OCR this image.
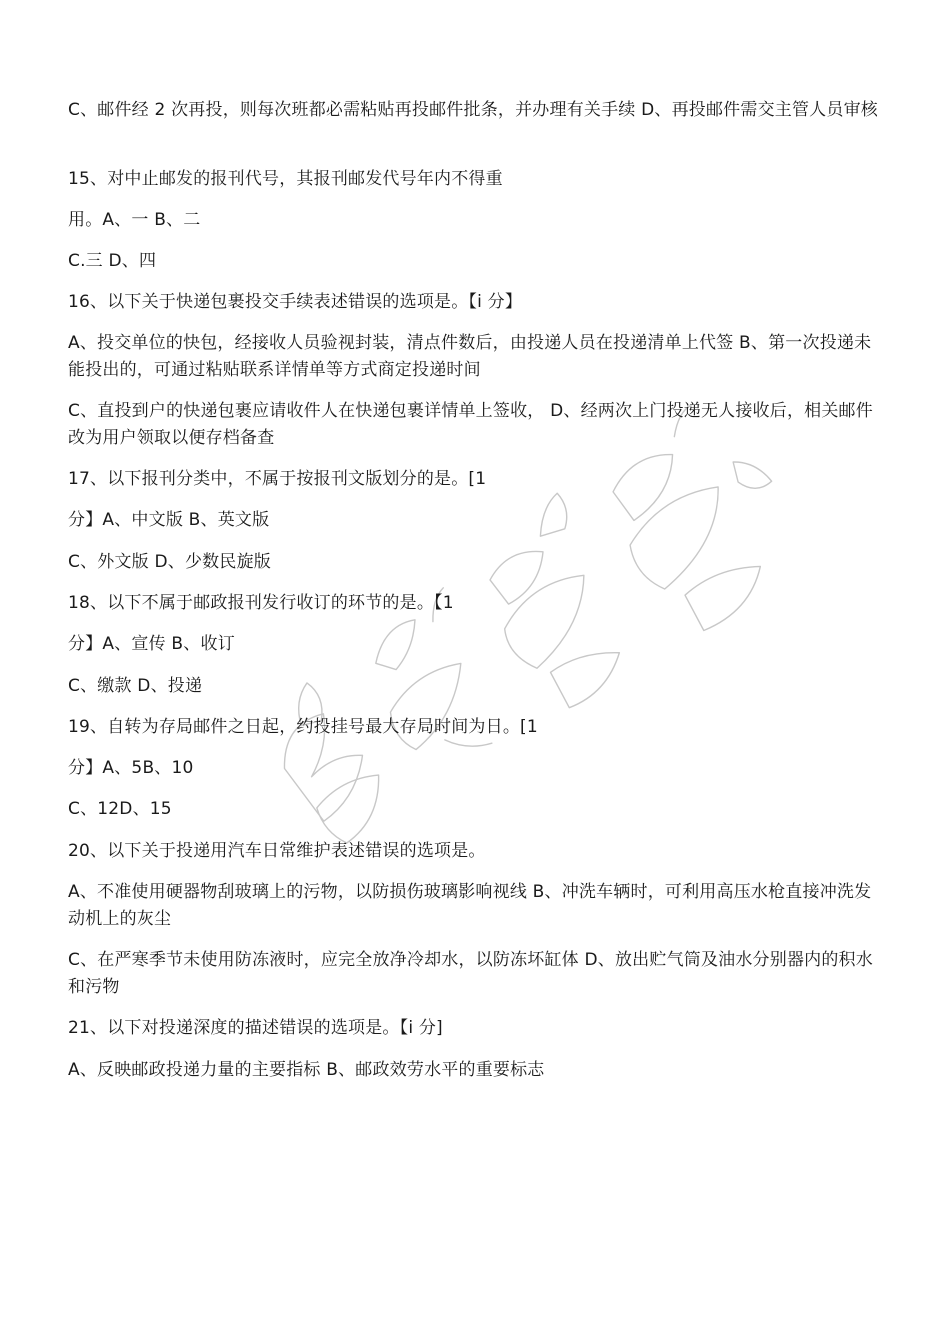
C、邮件经 2 次再投，则每次班都必需粘贴再投邮件批条，并办理有关手续 D、再投邮件需交主管人员审核

15、对中止邮发的报刊代号，其报刊邮发代号年内不得重

用。A、一 B、二

C.三 D、四

16、以下关于快递包裹投交手续表述错误的选项是。【i 分】

A、投交单位的快包，经接收人员验视封装，清点件数后，由投递人员在投递清单上代签 B、第一次投递未能投出的，可通过粘贴联系详情单等方式商定投递时间

C、直投到户的快递包裹应请收件人在快递包裹详情单上签收， D、经两次上门投递无人接收后，相关邮件改为用户领取以便存档备查

17、以下报刊分类中，不属于按报刊文版划分的是。[1

分】A、中文版 B、英文版

C、外文版 D、少数民旋版

18、以下不属于邮政报刊发行收订的环节的是。【1

分】A、宣传 B、收订

C、缴款 D、投递

19、自转为存局邮件之日起，约投挂号最大存局时间为日。[1

分】A、5B、10

C、12D、15

20、以下关于投递用汽车日常维护表述错误的选项是。

A、不准使用硬器物刮玻璃上的污物，以防损伤玻璃影响视线 B、冲洗车辆时，可利用高压水枪直接冲洗发动机上的灰尘

C、在严寒季节未使用防冻液时，应完全放净冷却水，以防冻坏缸体 D、放出贮气筒及油水分别器内的积水和污物

21、以下对投递深度的描述错误的选项是。【i 分]

A、反映邮政投递力量的主要指标 B、邮政效劳水平的重要标志
